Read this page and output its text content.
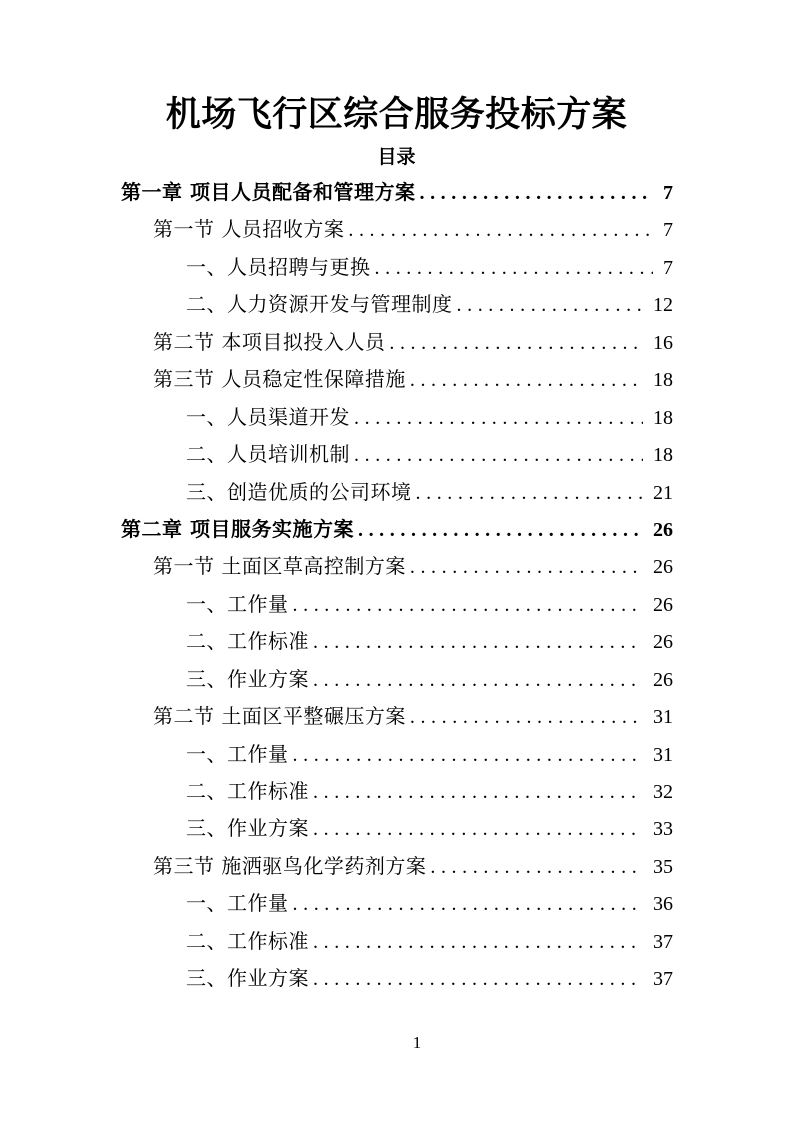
机场飞行区综合服务投标方案
目录
第一章 项目人员配备和管理方案 . . .	7
第一节 人员招收方案 . . .	7
一、人员招聘与更换 . . .	7
二、人力资源开发与管理制度 . . .	12
第二节 本项目拟投入人员 . . .	16
第三节 人员稳定性保障措施 . . .	18
一、人员渠道开发 . . .	18
二、人员培训机制 . . .	18
三、创造优质的公司环境 . . .	21
第二章 项目服务实施方案 . . .	26
第一节 土面区草高控制方案 . . .	26
一、工作量 . . .	26
二、工作标准 . . .	26
三、作业方案 . . .	26
第二节 土面区平整碾压方案 . . .	31
一、工作量 . . .	31
二、工作标准 . . .	32
三、作业方案 . . .	33
第三节 施洒驱鸟化学药剂方案 . . .	35
一、工作量 . . .	36
二、工作标准 . . .	37
三、作业方案 . . .	37
1
